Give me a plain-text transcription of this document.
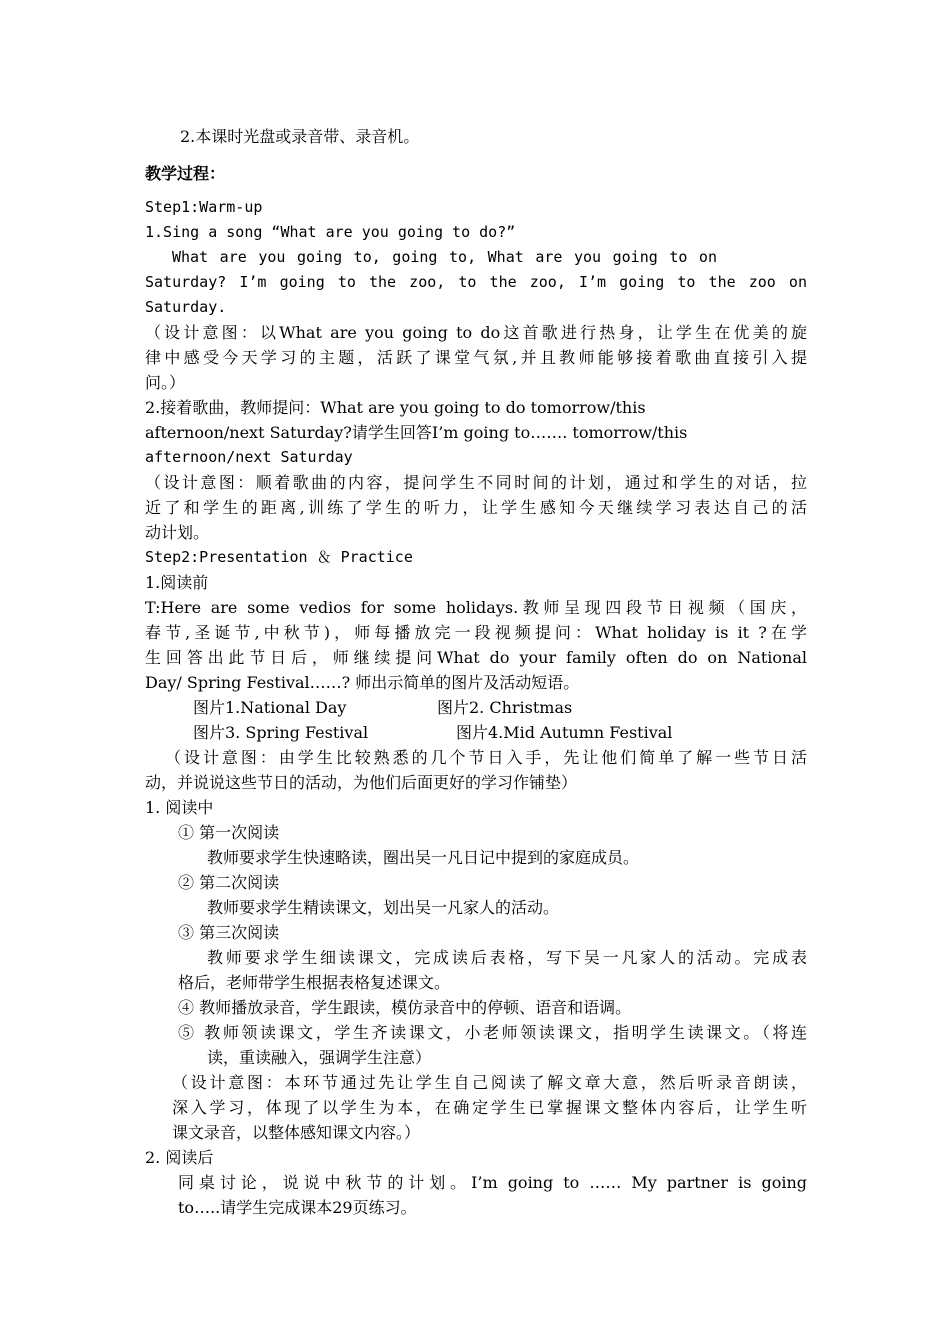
2.本课时光盘或录音带、录音机。
教学过程：
Step1:Warm-up
1.Sing a song “What are you going to do?”
What are you going to, going to, What are you going to on
Saturday? I’m going to the zoo, to the zoo, I’m going to the zoo on
Saturday.
（设计意图：以What are you going to do这首歌进行热身，让学生在优美的旋
律中感受今天学习的主题，活跃了课堂气氛,并且教师能够接着歌曲直接引入提
问。）
2.接着歌曲，教师提问：What are you going to do tomorrow/this
afternoon/next Saturday?请学生回答I’m going to……. tomorrow/this
afternoon/next Saturday
（设计意图：顺着歌曲的内容，提问学生不同时间的计划，通过和学生的对话，拉
近了和学生的距离,训练了学生的听力，让学生感知今天继续学习表达自己的活
动计划。
Step2:Presentation ＆ Practice
1.阅读前
T:Here are some vedios for some holidays.教师呈现四段节日视频（国庆，
春节,圣诞节,中秋节)，师每播放完一段视频提问：What holiday is it ?在学
生回答出此节日后，师继续提问What do your family often do on National
Day/ Spring Festival……? 师出示简单的图片及活动短语。
图片1.National Day	图片2. Christmas
图片3. Spring Festival	图片4.Mid Autumn Festival
（设计意图：由学生比较熟悉的几个节日入手，先让他们简单了解一些节日活
动，并说说这些节日的活动，为他们后面更好的学习作铺垫）
1. 阅读中
① 第一次阅读
教师要求学生快速略读，圈出吴一凡日记中提到的家庭成员。
② 第二次阅读
教师要求学生精读课文，划出吴一凡家人的活动。
③ 第三次阅读
教师要求学生细读课文，完成读后表格，写下吴一凡家人的活动。完成表
格后，老师带学生根据表格复述课文。
④ 教师播放录音，学生跟读，模仿录音中的停顿、语音和语调。
⑤ 教师领读课文，学生齐读课文，小老师领读课文，指明学生读课文。（将连
读，重读融入，强调学生注意）
（设计意图：本环节通过先让学生自己阅读了解文章大意，然后听录音朗读，
深入学习，体现了以学生为本，在确定学生已掌握课文整体内容后，让学生听
课文录音，以整体感知课文内容。）
2. 阅读后
同桌讨论，说说中秋节的计划。I’m going to …… My partner is going
to…..请学生完成课本29页练习。
